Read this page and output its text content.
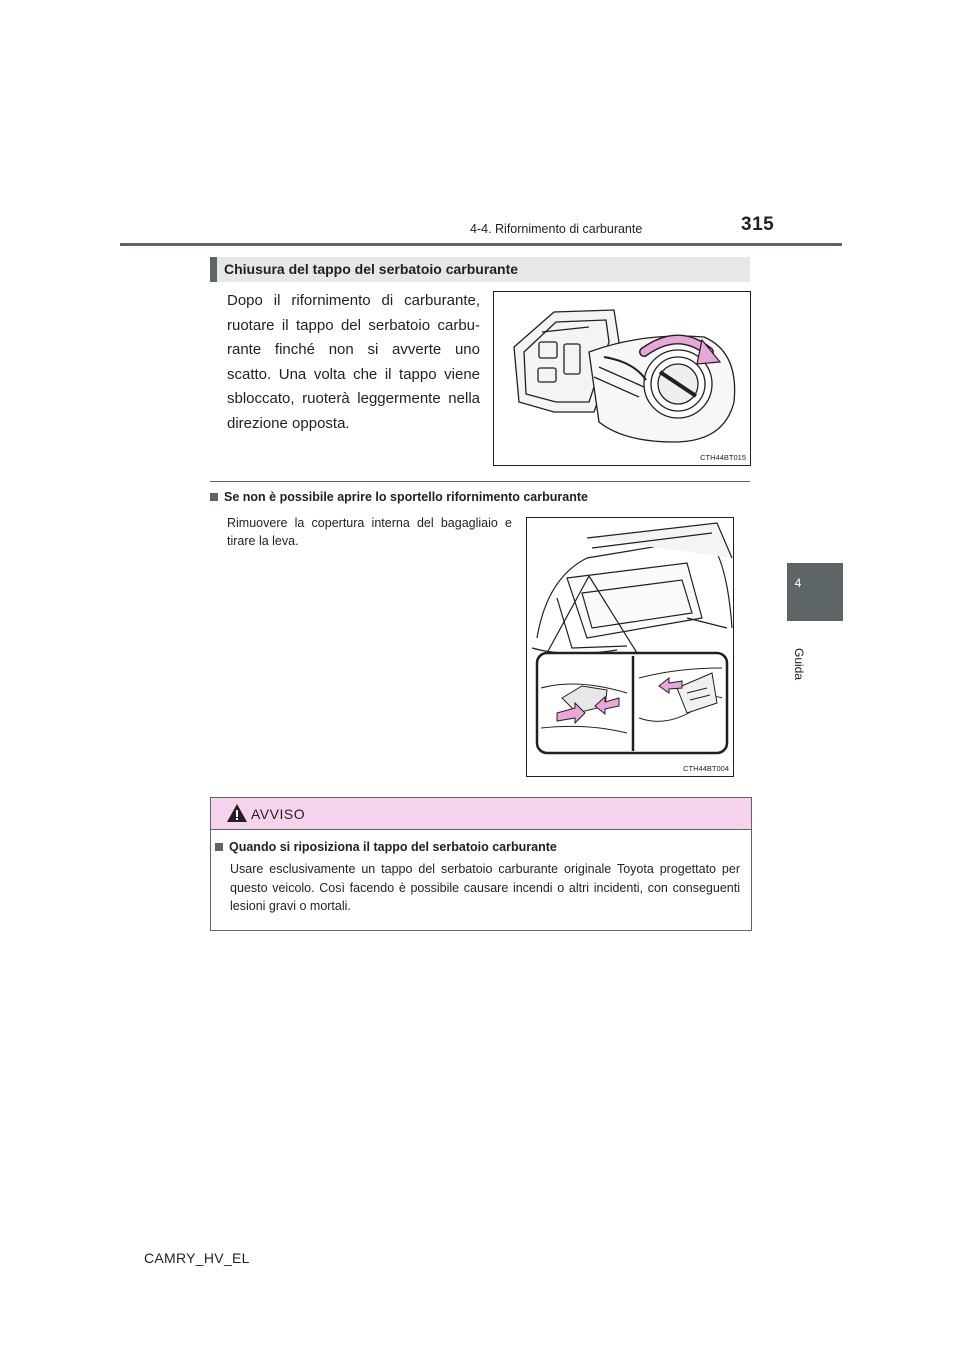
4-4. Rifornimento di carburante	315
4
Guida
Chiusura del tappo del serbatoio carburante
Dopo il rifornimento di carburante, ruotare il tappo del serbatoio carbu-rante finché non si avverte uno scatto. Una volta che il tappo viene sbloccato, ruoterà leggermente nella direzione opposta.
CTH44BT015
Se non è possibile aprire lo sportello rifornimento carburante
Rimuovere la copertura interna del bagagliaio e tirare la leva.
CTH44BT004
AVVISO
Quando si riposiziona il tappo del serbatoio carburante
Usare esclusivamente un tappo del serbatoio carburante originale Toyota progettato per questo veicolo. Così facendo è possibile causare incendi o altri incidenti, con conseguenti lesioni gravi o mortali.
CAMRY_HV_EL
